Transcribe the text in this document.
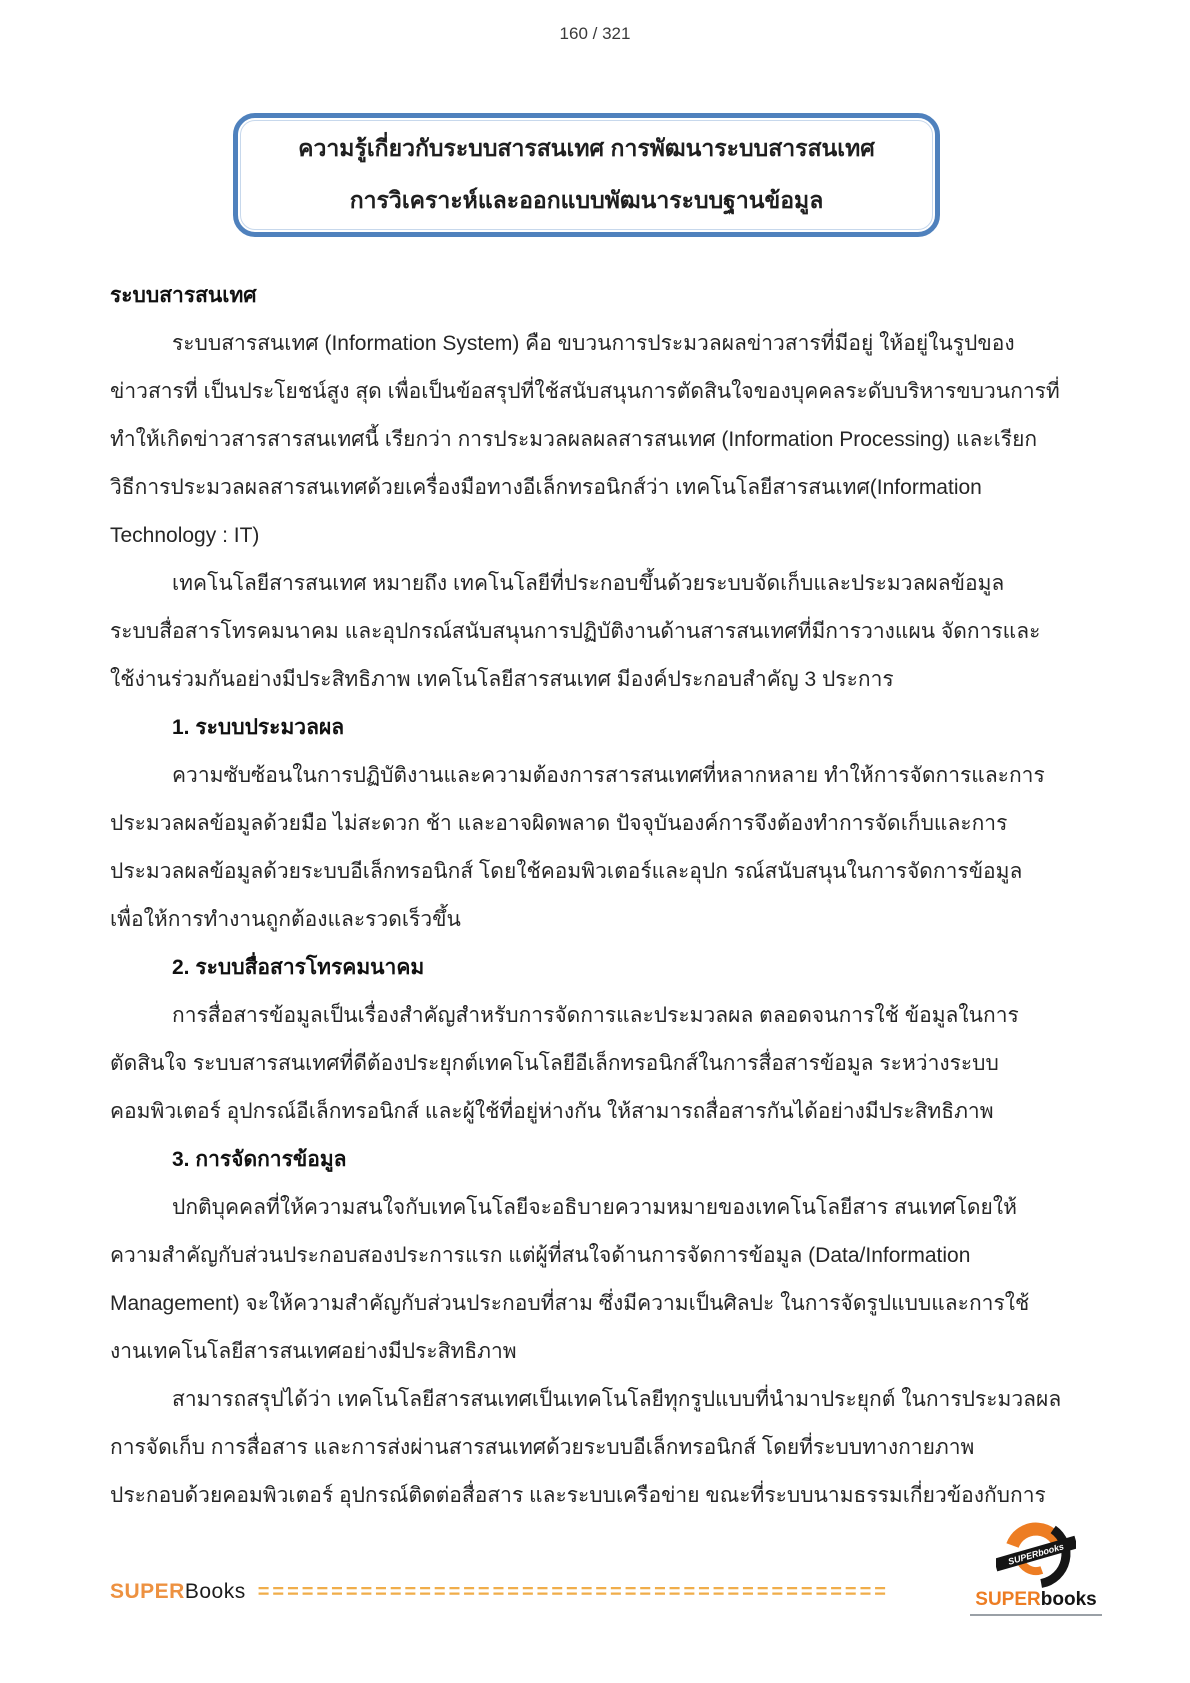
160 / 321
ความรู้เกี่ยวกับระบบสารสนเทศ การพัฒนาระบบสารสนเทศ
การวิเคราะห์และออกแบบพัฒนาระบบฐานข้อมูล
ระบบสารสนเทศ
ระบบสารสนเทศ (Information System) คือ ขบวนการประมวลผลข่าวสารที่มีอยู่ ให้อยู่ในรูปของ
ข่าวสารที่ เป็นประโยชน์สูง สุด เพื่อเป็นข้อสรุปที่ใช้สนับสนุนการตัดสินใจของบุคคลระดับบริหารขบวนการที่
ทำให้เกิดข่าวสารสารสนเทศนี้ เรียกว่า การประมวลผลผลสารสนเทศ (Information Processing) และเรียก
วิธีการประมวลผลสารสนเทศด้วยเครื่องมือทางอีเล็กทรอนิกส์ว่า เทคโนโลยีสารสนเทศ(Information
Technology : IT)
เทคโนโลยีสารสนเทศ หมายถึง เทคโนโลยีที่ประกอบขึ้นด้วยระบบจัดเก็บและประมวลผลข้อมูล
ระบบสื่อสารโทรคมนาคม และอุปกรณ์สนับสนุนการปฏิบัติงานด้านสารสนเทศที่มีการวางแผน จัดการและ
ใช้ง่านร่วมกันอย่างมีประสิทธิภาพ เทคโนโลยีสารสนเทศ มีองค์ประกอบสำคัญ 3 ประการ
1. ระบบประมวลผล
ความซับซ้อนในการปฏิบัติงานและความต้องการสารสนเทศที่หลากหลาย ทำให้การจัดการและการ
ประมวลผลข้อมูลด้วยมือ ไม่สะดวก ช้า และอาจผิดพลาด ปัจจุบันองค์การจึงต้องทำการจัดเก็บและการ
ประมวลผลข้อมูลด้วยระบบอีเล็กทรอนิกส์ โดยใช้คอมพิวเตอร์และอุปก รณ์สนับสนุนในการจัดการข้อมูล
เพื่อให้การทำงานถูกต้องและรวดเร็วขึ้น
2. ระบบสื่อสารโทรคมนาคม
การสื่อสารข้อมูลเป็นเรื่องสำคัญสำหรับการจัดการและประมวลผล ตลอดจนการใช้ ข้อมูลในการ
ตัดสินใจ ระบบสารสนเทศที่ดีต้องประยุกต์เทคโนโลยีอีเล็กทรอนิกส์ในการสื่อสารข้อมูล ระหว่างระบบ
คอมพิวเตอร์ อุปกรณ์อีเล็กทรอนิกส์ และผู้ใช้ที่อยู่ห่างกัน ให้สามารถสื่อสารกันได้อย่างมีประสิทธิภาพ
3. การจัดการข้อมูล
ปกติบุคคลที่ให้ความสนใจกับเทคโนโลยีจะอธิบายความหมายของเทคโนโลยีสาร สนเทศโดยให้
ความสำคัญกับส่วนประกอบสองประการแรก แต่ผู้ที่สนใจด้านการจัดการข้อมูล (Data/Information
Management) จะให้ความสำคัญกับส่วนประกอบที่สาม ซึ่งมีความเป็นศิลปะ ในการจัดรูปแบบและการใช้
งานเทคโนโลยีสารสนเทศอย่างมีประสิทธิภาพ
สามารถสรุปได้ว่า เทคโนโลยีสารสนเทศเป็นเทคโนโลยีทุกรูปแบบที่นำมาประยุกต์ ในการประมวลผล
การจัดเก็บ การสื่อสาร และการส่งผ่านสารสนเทศด้วยระบบอีเล็กทรอนิกส์ โดยที่ระบบทางกายภาพ
ประกอบด้วยคอมพิวเตอร์ อุปกรณ์ติดต่อสื่อสาร และระบบเครือข่าย ขณะที่ระบบนามธรรมเกี่ยวข้องกับการ
SUPERBooks ===========================================
SUPERbooks
SUPERbooks
